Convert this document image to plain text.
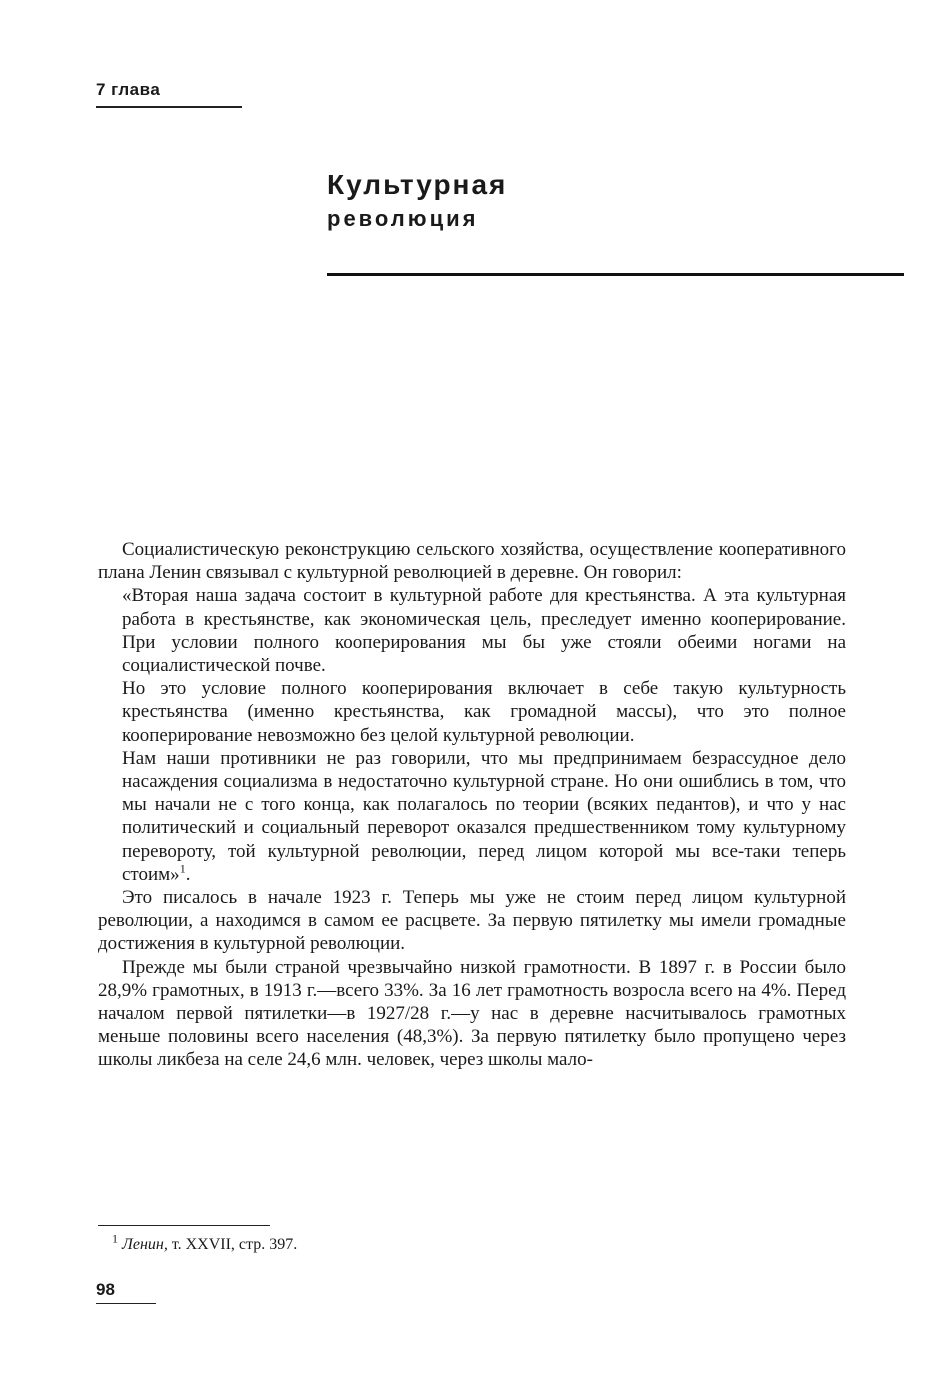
7 глава
Культурная
революция

Социалистическую реконструкцию сельского хозяйства, осуществление кооперативного плана Ленин связывал с культурной революцией в деревне. Он говорил:

«Вторая наша задача состоит в культурной работе для крестьянства. А эта культурная работа в крестьянстве, как экономическая цель, преследует именно кооперирование. При условии полного кооперирования мы бы уже стояли обеими ногами на социалистической почве.

Но это условие полного кооперирования включает в себе такую культурность крестьянства (именно крестьянства, как громадной массы), что это полное кооперирование невозможно без целой культурной революции.

Нам наши противники не раз говорили, что мы предпринимаем безрассудное дело насаждения социализма в недостаточно культурной стране. Но они ошиблись в том, что мы начали не с того конца, как полагалось по теории (всяких педантов), и что у нас политический и социальный переворот оказался предшественником тому культурному перевороту, той культурной революции, перед лицом которой мы все-таки теперь стоим»$^1$.

Это писалось в начале 1923 г. Теперь мы уже не стоим перед лицом культурной революции, а находимся в самом ее расцвете. За первую пятилетку мы имели громадные достижения в культурной революции.

Прежде мы были страной чрезвычайно низкой грамотности. В 1897 г. в России было 28,9% грамотных, в 1913 г.—всего 33%. За 16 лет грамотность возросла всего на 4%. Перед началом первой пятилетки—в 1927/28 г.—у нас в деревне насчитывалось грамотных меньше половины всего населения (48,3%). За первую пятилетку было пропущено через школы ликбеза на селе 24,6 млн. человек, через школы мало-

$^1$ Ленин, т. XXVII, стр. 397.
98
